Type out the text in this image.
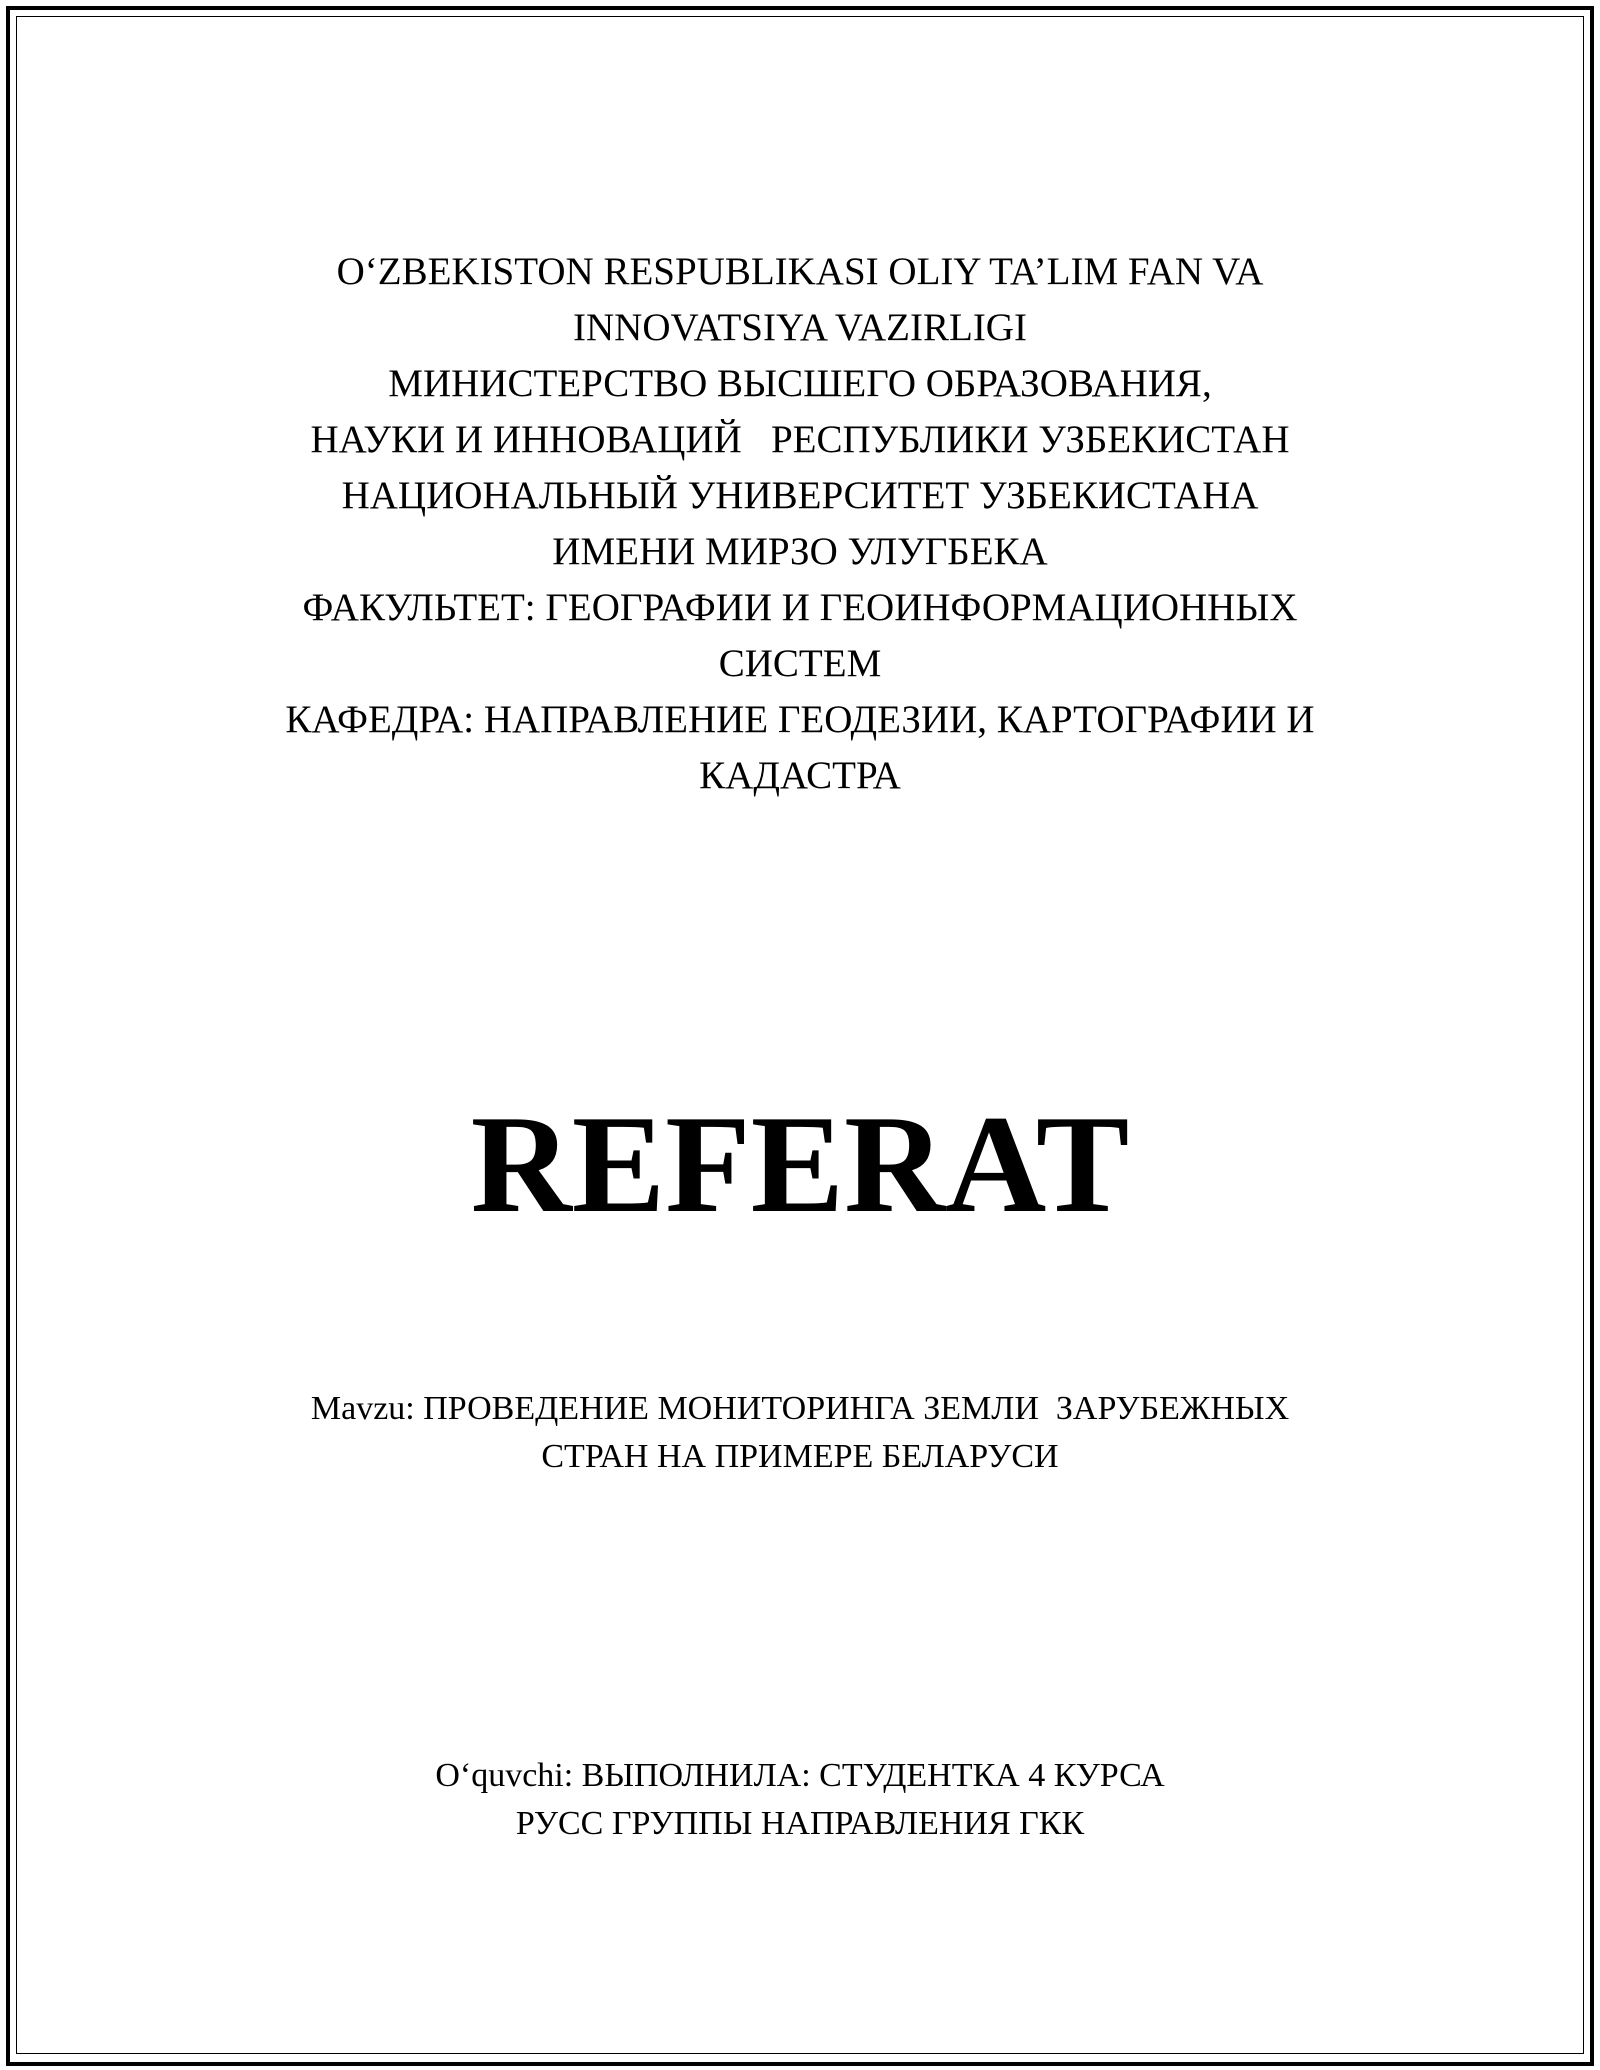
O‘ZBEKISTON RESPUBLIKASI OLIY TA’LIM FAN VA
INNOVATSIYA VAZIRLIGI
МИНИСТЕРСТВО ВЫСШЕГО ОБРАЗОВАНИЯ,
НАУКИ И ИННОВАЦИЙ   РЕСПУБЛИКИ УЗБЕКИСТАН
НАЦИОНАЛЬНЫЙ УНИВЕРСИТЕТ УЗБЕКИСТАНА
ИМЕНИ МИРЗО УЛУГБЕКА
ФАКУЛЬТЕТ: ГЕОГРАФИИ И ГЕОИНФОРМАЦИОННЫХ
СИСТЕМ
КАФЕДРА: НАПРАВЛЕНИЕ ГЕОДЕЗИИ, КАРТОГРАФИИ И
КАДАСТРА
REFERAT
Mavzu: ПРОВЕДЕНИЕ МОНИТОРИНГА ЗЕМЛИ  ЗАРУБЕЖНЫХ
СТРАН НА ПРИМЕРЕ БЕЛАРУСИ
O‘quvchi: ВЫПОЛНИЛА: СТУДЕНТКА 4 КУРСА
РУСС ГРУППЫ НАПРАВЛЕНИЯ ГКК
